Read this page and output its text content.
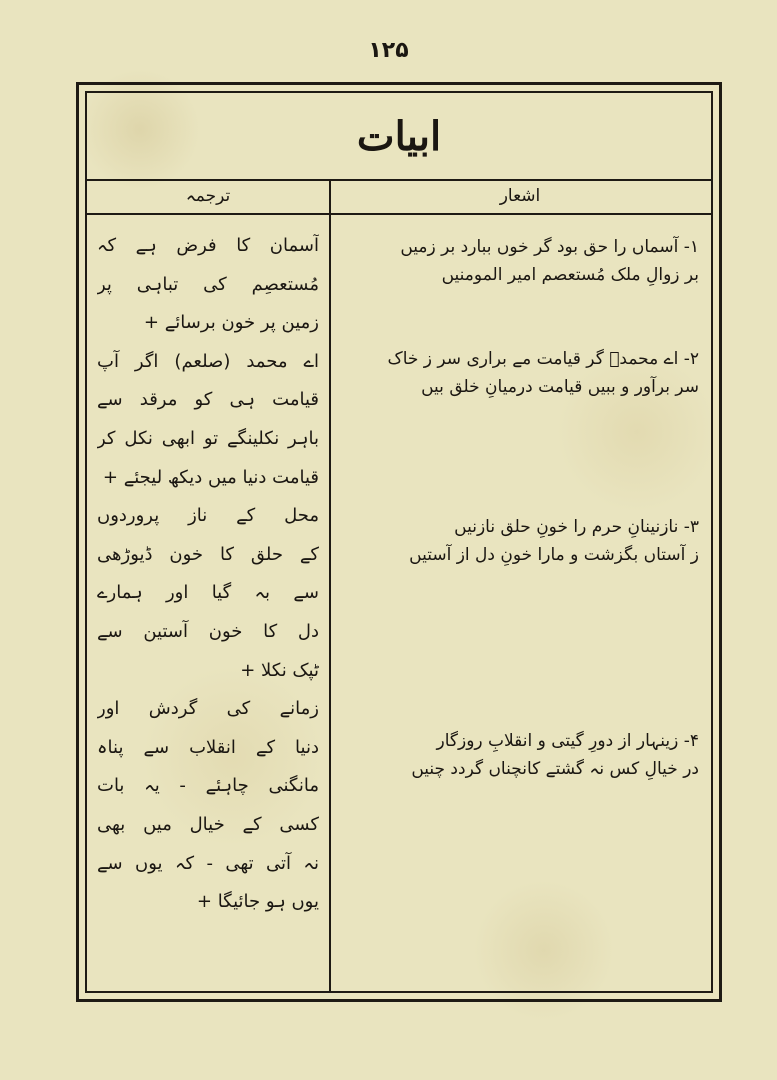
۱۲۵
ابیات
اشعار
ترجمہ
۱- آسماں را حق بود گر خوں ببارد بر زمیں
بر زوالِ ملک مُستعصم امیر المومنیں
۲- اے محمدؐ گر قیامت مے براری سر ز خاک
سر برآور و ببیں قیامت درمیانِ خلق بیں
۳- نازنینانِ حرم را خونِ حلق نازنیں
ز آستاں بگزشت و مارا خونِ دل از آستیں
۴- زینہار از دورِ گیتی و انقلابِ روزگار
در خیالِ کس نہ گشتے کانچناں گردد چنیں
آسمان کا فرض ہے کہ
مُستعصِم کی تباہی پر
زمین پر خون برسائے +
اے محمد (صلعم) اگر آپ
قیامت ہی کو مرقد سے
باہر نکلینگے تو ابھی نکل کر
قیامت دنیا میں دیکھ لیجئے +
محل کے ناز پروردوں
کے حلق کا خون ڈیوڑھی
سے بہ گیا اور ہمارے
دل کا خون آستین سے
ٹپک نکلا +
زمانے کی گردش اور
دنیا کے انقلاب سے پناہ
مانگنی چاہئے - یہ بات
کسی کے خیال میں بھی
نہ آتی تھی - کہ یوں سے
یوں ہو جائیگا +
